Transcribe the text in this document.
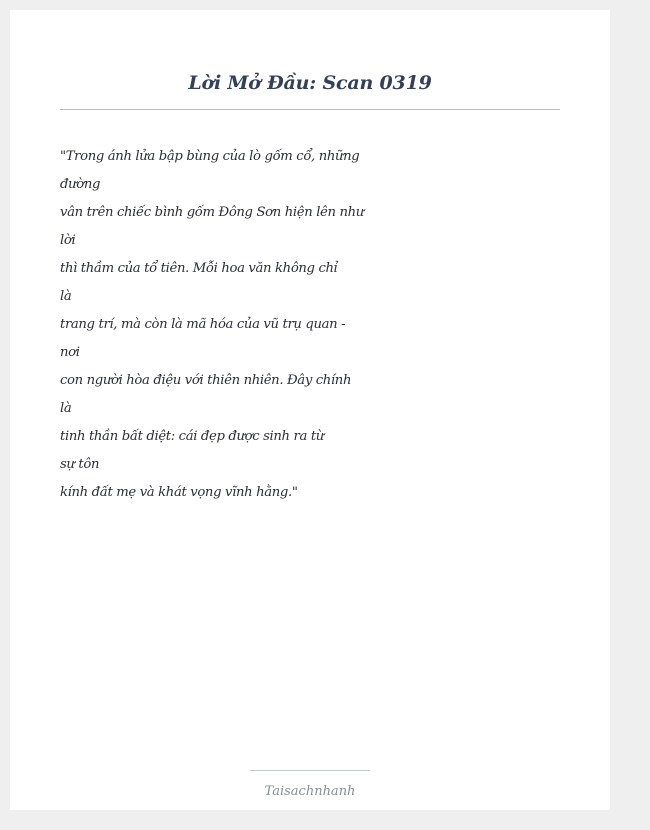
Lời Mở Đầu: Scan 0319
"Trong ánh lửa bập bùng của lò gốm cổ, những
đường
vân trên chiếc bình gốm Đông Sơn hiện lên như
lời
thì thầm của tổ tiên. Mỗi hoa văn không chỉ
là
trang trí, mà còn là mã hóa của vũ trụ quan -
nơi
con người hòa điệu với thiên nhiên. Đây chính
là
tinh thần bất diệt: cái đẹp được sinh ra từ
sự tôn
kính đất mẹ và khát vọng vĩnh hằng."
Taisachnhanh
